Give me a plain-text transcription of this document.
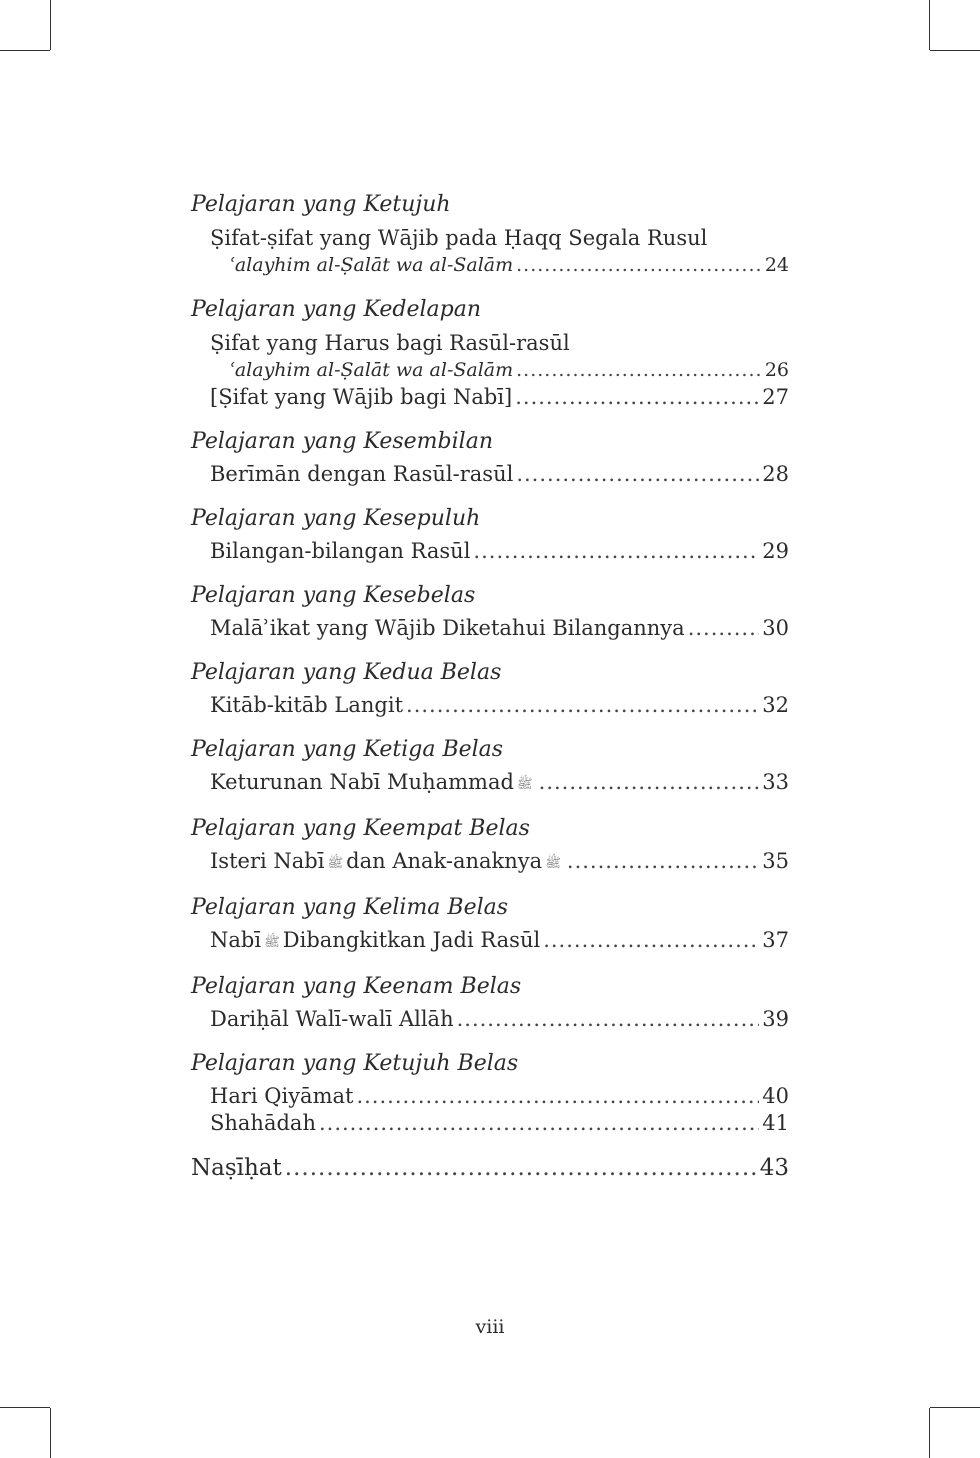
Pelajaran yang Ketujuh
Ṣifat-ṣifat yang Wājib pada Ḥaqq Segala Rusul
ʿalayhim al-Ṣalāt wa al-Salām .....	24
Pelajaran yang Kedelapan
Ṣifat yang Harus bagi Rasūl-rasūl
ʿalayhim al-Ṣalāt wa al-Salām .....	26
[Ṣifat yang Wājib bagi Nabī] .....	27
Pelajaran yang Kesembilan
Berīmān dengan Rasūl-rasūl .....	28
Pelajaran yang Kesepuluh
Bilangan-bilangan Rasūl .....	29
Pelajaran yang Kesebelas
Malāʾikat yang Wājib Diketahui Bilangannya .....	30
Pelajaran yang Kedua Belas
Kitāb-kitāb Langit .....	32
Pelajaran yang Ketiga Belas
Keturunan Nabī Muḥammad ﷺ .....	33
Pelajaran yang Keempat Belas
Isteri Nabī ﷺ dan Anak-anaknya ﷺ .....	35
Pelajaran yang Kelima Belas
Nabī ﷺ Dibangkitkan Jadi Rasūl .....	37
Pelajaran yang Keenam Belas
Dariḥāl Walī-walī Allāh .....	39
Pelajaran yang Ketujuh Belas
Hari Qiyāmat .....	40
Shahādah .....	41
Naṣīḥat .....	43
viii
